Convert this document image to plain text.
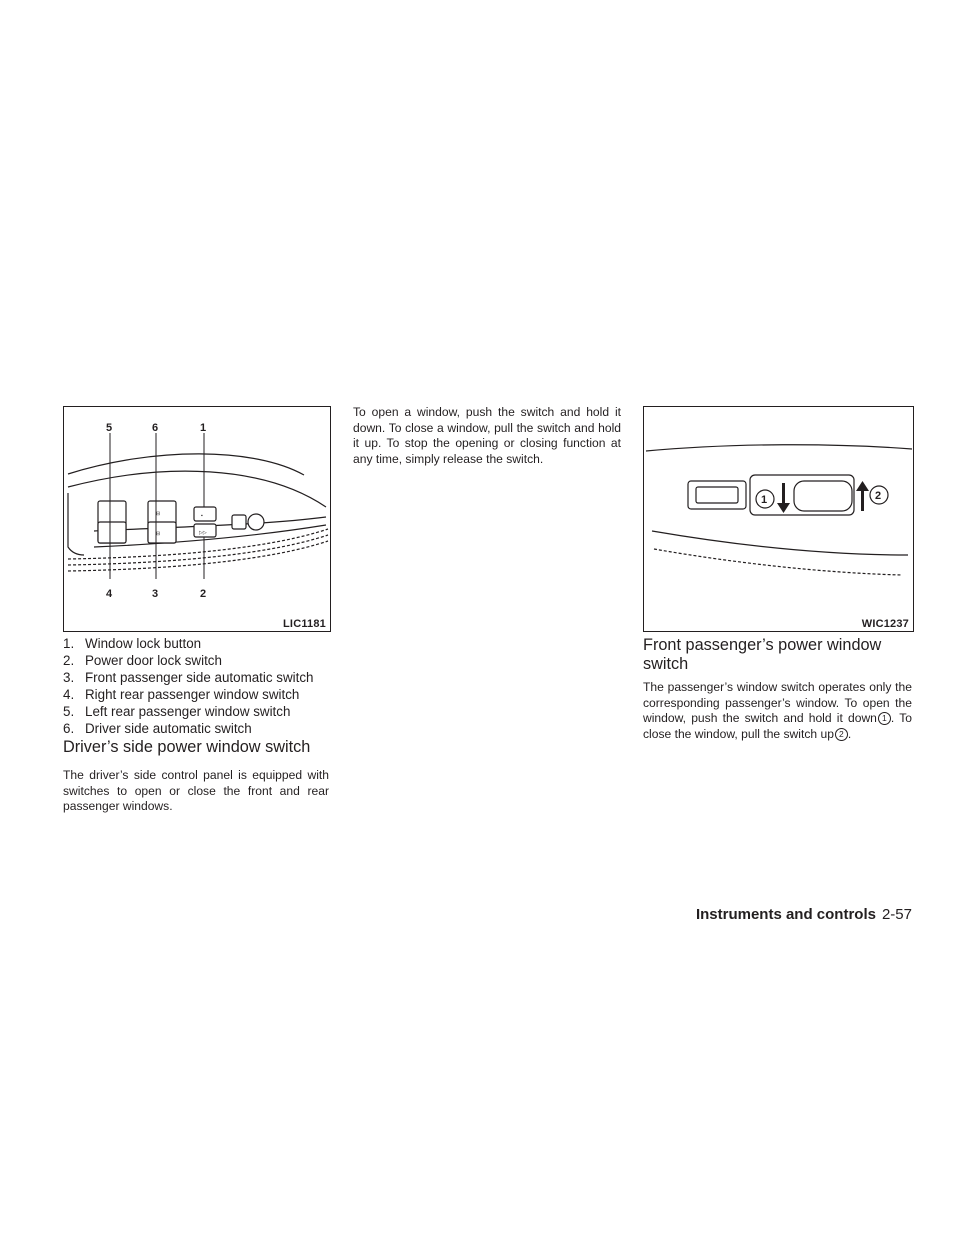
⊟
⊟
▪
▷▷
5	6	1
4	3	2
LIC1181
1. Window lock button
2. Power door lock switch
3. Front passenger side automatic switch
4. Right rear passenger window switch
5. Left rear passenger window switch
6. Driver side automatic switch
Driver’s side power window switch

The driver’s side control panel is equipped with switches to open or close the front and rear passenger windows.

To open a window, push the switch and hold it down. To close a window, pull the switch and hold it up. To stop the opening or closing function at any time, simply release the switch.

1	2
WIC1237
Front passenger’s power window switch

The passenger’s window switch operates only the corresponding passenger’s window. To open the window, push the switch and hold it down 1 . To close the window, pull the switch up 2 .

Instruments and controls 2-57
